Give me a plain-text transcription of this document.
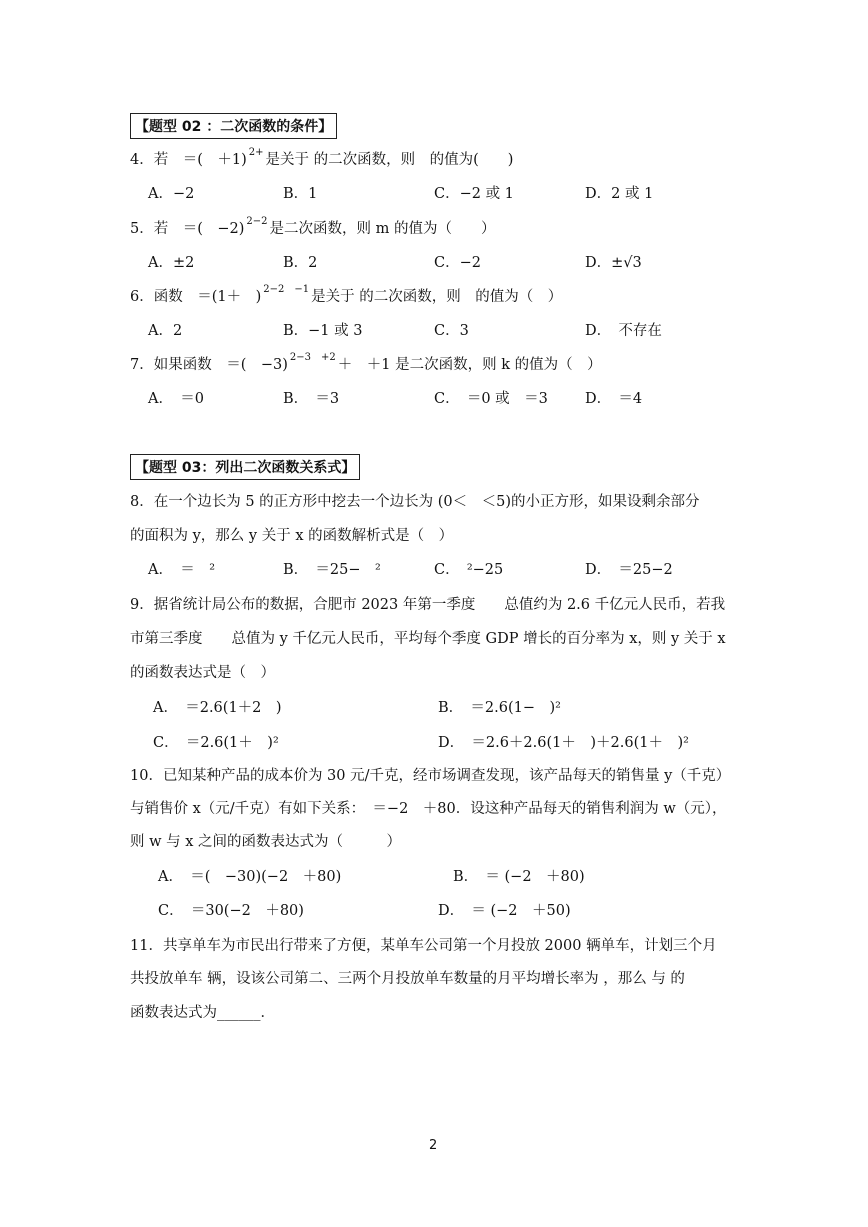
【题型 02 ：二次函数的条件】
4．若　＝(　＋1) $^{2+}$ 是关于 的二次函数，则　的值为(　　)
A．−2	B．1	C．−2 或 1	D．2 或 1
5．若　＝(　−2) $^{2-2}$ 是二次函数，则 m 的值为（　　）
A．±2	B．2	C．−2	D．±√3
6．函数　＝(1＋　) $^{2-2 -1}$ 是关于 的二次函数，则　的值为（　）
A．2	B．−1 或 3	C．3	D．　不存在
7．如果函数　＝(　−3) $^{2-3 +2}$ ＋　＋1 是二次函数，则 k 的值为（　）
A．　＝0	B．　＝3	C．　＝0 或　＝3	D．　＝4
【题型 03：列出二次函数关系式】
8．在一个边长为 5 的正方形中挖去一个边长为 (0＜　＜5)的小正方形，如果设剩余部分
的面积为 y，那么 y 关于 x 的函数解析式是（　）
A．　＝　²	B．　＝25−　²	C．　²−25	D．　＝25−2
9．据省统计局公布的数据，合肥市 2023 年第一季度　　总值约为 2.6 千亿元人民币，若我
市第三季度　　总值为 y 千亿元人民币，平均每个季度 GDP 增长的百分率为 x，则 y 关于 x
的函数表达式是（　）
A．　＝2.6(1＋2　)	B．　＝2.6(1−　)²
C．　＝2.6(1＋　)²	D．　＝2.6＋2.6(1＋　)＋2.6(1＋　)²
10．已知某种产品的成本价为 30 元/千克，经市场调查发现，该产品每天的销售量 y（千克）
与销售价 x（元/千克）有如下关系：　＝−2　＋80．设这种产品每天的销售利润为 w（元），
则 w 与 x 之间的函数表达式为（　　　）
A．　＝(　−30)(−2　＋80)	B．　＝ (−2　＋80)
C．　＝30(−2　＋80)	D．　＝ (−2　＋50)
11．共享单车为市民出行带来了方便，某单车公司第一个月投放 2000 辆单车，计划三个月
共投放单车 辆，设该公司第二、三两个月投放单车数量的月平均增长率为 ，那么 与 的
函数表达式为______．
2
